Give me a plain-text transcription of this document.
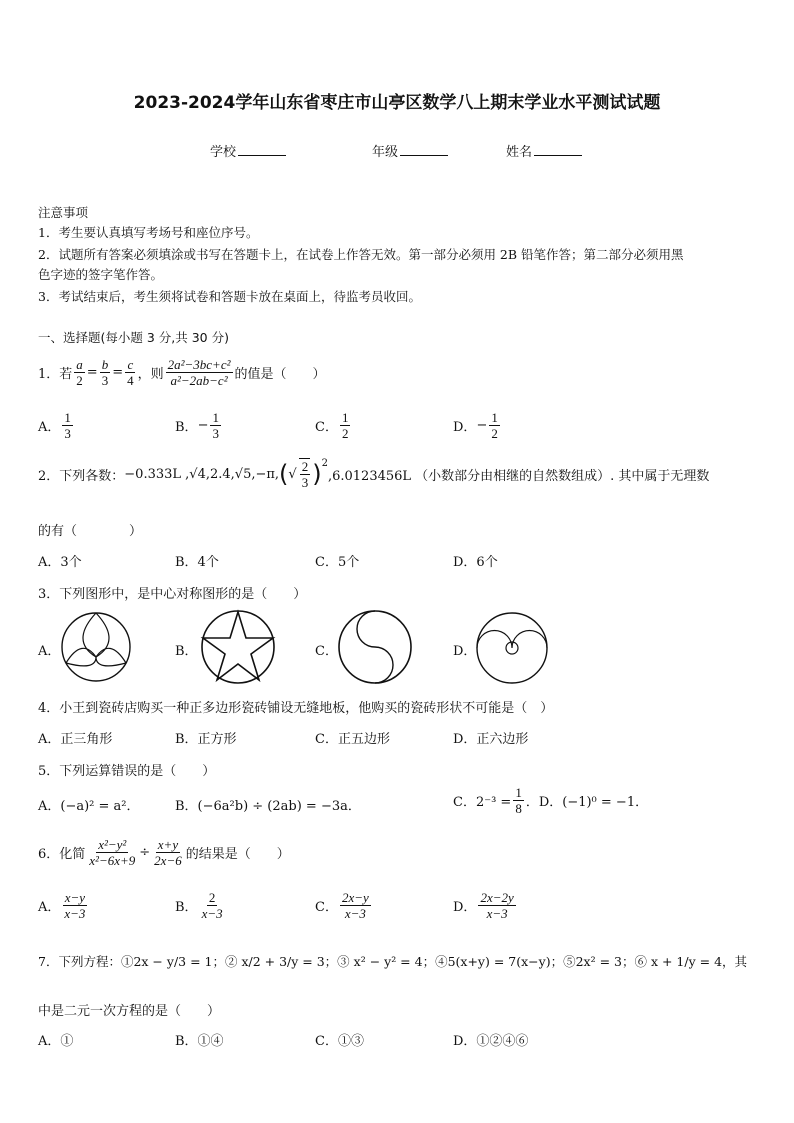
2023-2024学年山东省枣庄市山亭区数学八上期末学业水平测试试题
学校	年级	姓名
注意事项
1．考生要认真填写考场号和座位序号。
2．试题所有答案必须填涂或书写在答题卡上，在试卷上作答无效。第一部分必须用 2B 铅笔作答；第二部分必须用黑
色字迹的签字笔作答。
3．考试结束后，考生须将试卷和答题卡放在桌面上，待监考员收回。
一、选择题(每小题 3 分,共 30 分)
1．若 $\frac{a}{2} = \frac{b}{3} = \frac{c}{4}$ ，则 $\frac{\text{2a²−3bc+c²}}{\text{a²−2ab−c²}}$ 的值是（　　）
A． $\frac{1}{3}$	B． − $\frac{1}{3}$	C． $\frac{1}{2}$	D． − $\frac{1}{2}$
2．下列各数： −0.333L ,√4,2.4,√5,−π, ( √ $\frac{2}{3} )^2$
,6.0123456L （小数部分由相继的自然数组成）. 其中属于无理数
的有（　　　　）
A．3个	B．4个	C．5个	D．6个
3．下列图形中，是中心对称图形的是（　　）
A．	B．	C．	D．
4．小王到瓷砖店购买一种正多边形瓷砖铺设无缝地板，他购买的瓷砖形状不可能是（　）
A．正三角形	B．正方形	C．正五边形	D．正六边形
5．下列运算错误的是（　　）
A．(−a)² = a²．	B．(−6a²b) ÷ (2ab) = −3a．	C．$2^{-3} = \frac{1}{8}$ ．D．(−1)⁰ = −1．
6．化简 $\frac{\text{x²−y²}}{\text{x²−6x+9}} \div \frac{x+y}{2x-6}$ 的结果是（　　）
A． $\frac{x-y}{x-3}$	B． $\frac{2}{x-3}$	C． $\frac{2x-y}{x-3}$	D． $\frac{2x-2y}{x-3}$
7．下列方程：①2x − y/3 = 1；② x/2 + 3/y = 3；③ x² − y² = 4；④5(x+y) = 7(x−y)；⑤2x² = 3；⑥ x + 1/y = 4，其
中是二元一次方程的是（　　）
A．①	B．①④	C．①③	D．①②④⑥
